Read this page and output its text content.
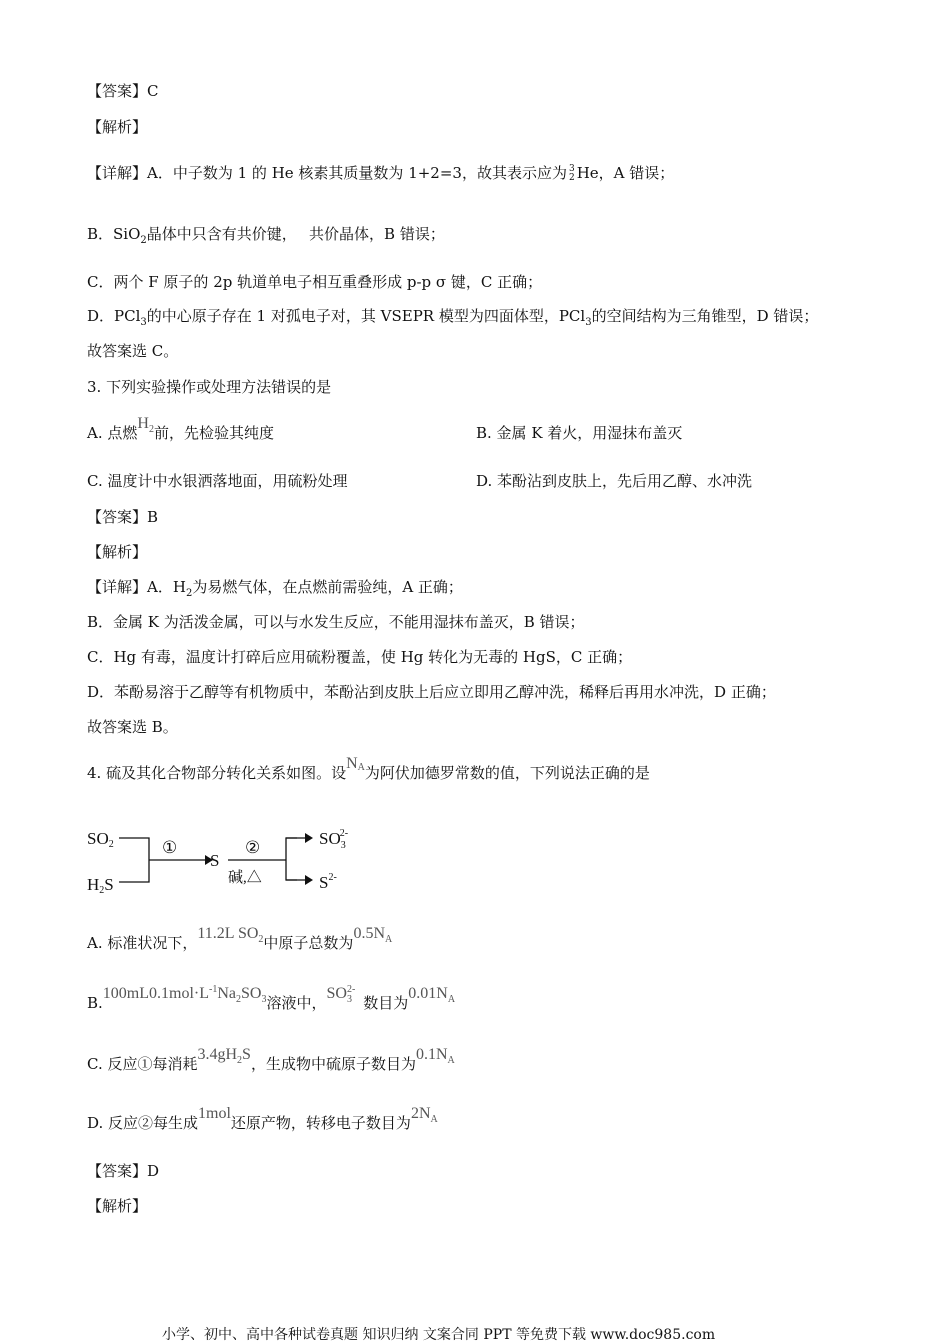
【答案】C
【解析】
【详解】A．中子数为 1 的 He 核素其质量数为 1+2=3，故其表示应为 3
2 He，A 错误；
B．SiO$_2$晶体中只含有共价键，　 共价晶体，B 错误；
C．两个 F 原子的 2p 轨道单电子相互重叠形成 p-p σ 键，C 正确；
D．PCl$_3$的中心原子存在 1 对孤电子对，其 VSEPR 模型为四面体型，PCl$_3$的空间结构为三角锥型，D 错误；
故答案选 C。
3. 下列实验操作或处理方法错误的是
A. 点燃$H^2$前，先检验其纯度	B. 金属 K 着火，用湿抹布盖灭
C. 温度计中水银洒落地面，用硫粉处理	D. 苯酚沾到皮肤上，先后用乙醇、水冲洗
【答案】B
【解析】
【详解】A．$H_2$为易燃气体，在点燃前需验纯，A 正确；
B．金属 K 为活泼金属，可以与水发生反应，不能用湿抹布盖灭，B 错误；
C．Hg 有毒，温度计打碎后应用硫粉覆盖，使 Hg 转化为无毒的 HgS，C 正确；
D．苯酚易溶于乙醇等有机物质中，苯酚沾到皮肤上后应立即用乙醇冲洗，稀释后再用水冲洗，D 正确；
故答案选 B。
4. 硫及其化合物部分转化关系如图。设$N^A$为阿伏加德罗常数的值，下列说法正确的是
SO2
H2S
①
S
②
碱,△
$SO_32-$
$S^{2-}$
A. 标准状况下，11.2L $SO^2$中原子总数为$0.5N^A$
$B.100mL0.1mol\cdot L^{-1}Na^2SO^3$溶液中，$SO^{32-}$数目为$0.01N^A$
C. 反应①每消耗$3.4gH^2S$，生成物中硫原子数目为$0.1N^A$
D. 反应②每生成1mol还原产物，转移电子数目为$2N^A$
【答案】D
【解析】
小学、初中、高中各种试卷真题 知识归纳 文案合同 PPT 等免费下载 www.doc985.com
